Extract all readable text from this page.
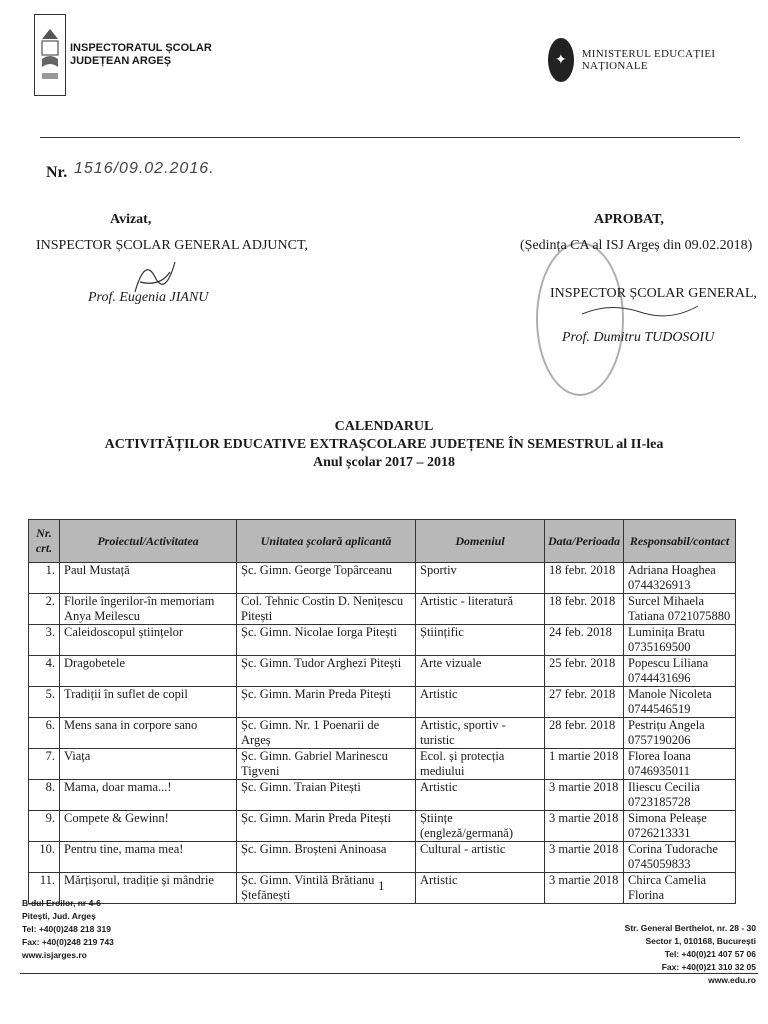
INSPECTORATUL ȘCOLAR
JUDEȚEAN ARGEȘ	✦	MINISTERUL EDUCAȚIEI NAȚIONALE
Nr. 1516/09.02.2016.
Avizat,
INSPECTOR ȘCOLAR GENERAL ADJUNCT,
Prof. Eugenia JIANU
APROBAT,
(Ședința CA al ISJ Argeș din 09.02.2018)
INSPECTOR ȘCOLAR GENERAL,
Prof. Dumitru TUDOSOIU
CALENDARUL
ACTIVITĂȚILOR EDUCATIVE EXTRAȘCOLARE JUDEȚENE ÎN SEMESTRUL al II-lea
Anul școlar 2017 – 2018
Nr. crt.	Proiectul/Activitatea	Unitatea școlară aplicantă	Domeniul	Data/Perioada	Responsabil/contact
1.	Paul Mustață	Șc. Gimn. George Topârceanu	Sportiv	18 febr. 2018	Adriana Hoaghea 0744326913
2.	Florile îngerilor-în memoriam Anya Meilescu	Col. Tehnic Costin D. Nenițescu Pitești	Artistic - literatură	18 febr. 2018	Surcel Mihaela Tatiana 0721075880
3.	Caleidoscopul științelor	Șc. Gimn. Nicolae Iorga Pitești	Științific	24 feb. 2018	Luminița Bratu 0735169500
4.	Dragobetele	Șc. Gimn. Tudor Arghezi Pitești	Arte vizuale	25 febr. 2018	Popescu Liliana 0744431696
5.	Tradiții în suflet de copil	Șc. Gimn. Marin Preda Pitești	Artistic	27 febr. 2018	Manole Nicoleta 0744546519
6.	Mens sana in corpore sano	Șc. Gimn. Nr. 1 Poenarii de Argeș	Artistic, sportiv -turistic	28 febr. 2018	Pestrițu Angela 0757190206
7.	Viața	Șc. Gimn. Gabriel Marinescu Tigveni	Ecol. și protecția mediului	1 martie 2018	Florea Ioana 0746935011
8.	Mama, doar mama...!	Șc. Gimn. Traian Pitești	Artistic	3 martie 2018	Iliescu Cecilia 0723185728
9.	Compete & Gewinn!	Șc. Gimn. Marin Preda Pitești	Științe (engleză/germană)	3 martie 2018	Simona Peleașe 0726213331
10.	Pentru tine, mama mea!	Șc. Gimn. Broșteni Aninoasa	Cultural - artistic	3 martie 2018	Corina Tudorache 0745059833
11.	Mărțișorul, tradiție și mândrie	Șc. Gimn. Vintilă Brătianu Ștefănești	Artistic	3 martie 2018	Chirca Camelia Florina
1
B-dul Eroilor, nr 4-6
Pitești, Jud. Argeș
Tel: +40(0)248 218 319
Fax: +40(0)248 219 743
www.isjarges.ro
Str. General Berthelot, nr. 28 - 30
Sector 1, 010168, București
Tel: +40(0)21 407 57 06
Fax: +40(0)21 310 32 05
www.edu.ro
